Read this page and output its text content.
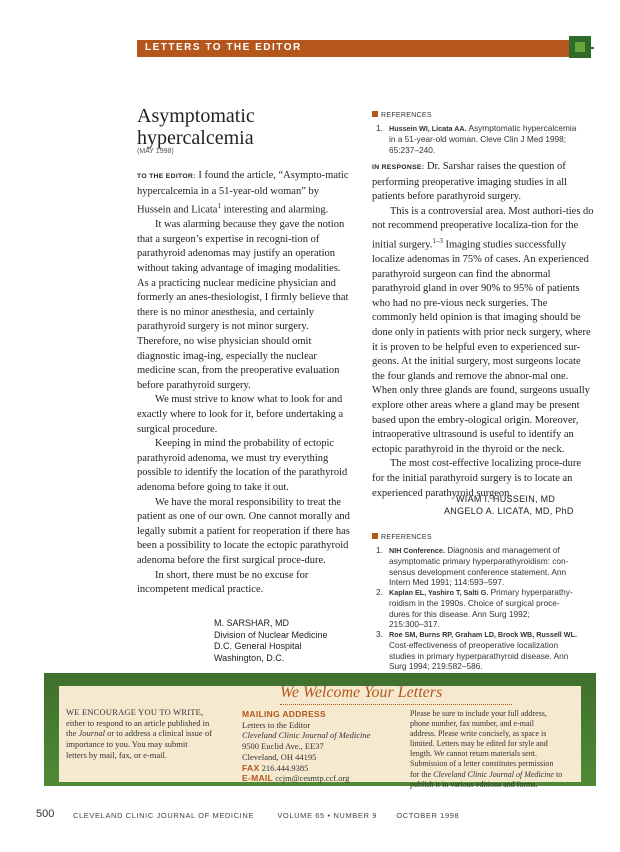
LETTERS TO THE EDITOR
Asymptomatic
hypercalcemia
(MAY 1998)

TO THE EDITOR: I found the article, “Asympto-matic hypercalcemia in a 51-year-old woman” by Hussein and Licata$^1$ interesting and alarming.

It was alarming because they gave the notion that a surgeon’s expertise in recogni-tion of parathyroid adenomas may justify an operation without taking advantage of imaging modalities. As a practicing nuclear medicine physician and formerly an anes-thesiologist, I firmly believe that there is no minor anesthesia, and certainly parathyroid surgery is not minor surgery. Therefore, no wise physician should omit diagnostic imag-ing, especially the nuclear medicine scan, from the preoperative evaluation before parathyroid surgery.

We must strive to know what to look for and exactly where to look for it, before undertaking a surgical procedure.

Keeping in mind the probability of ectopic parathyroid adenoma, we must try everything possible to identify the location of the parathyroid adenoma before going to take it out.

We have the moral responsibility to treat the patient as one of our own. One cannot morally and legally submit a patient for reoperation if there has been a possibility to locate the ectopic parathyroid adenoma before the first surgical proce-dure.

In short, there must be no excuse for incompetent medical practice.

M. SARSHAR, MD
Division of Nuclear Medicine
D.C. General Hospital
Washington, D.C.
REFERENCES
1. Hussein WI, Licata AA. Asymptomatic hypercalcemia
in a 51-year-old woman. Cleve Clin J Med 1998;
65:237–240.

IN RESPONSE: Dr. Sarshar raises the question of performing preoperative imaging studies in all patients before parathyroid surgery.

This is a controversial area. Most authori-ties do not recommend preoperative localiza-tion for the initial surgery.$^{1-3}$ Imaging studies successfully localize adenomas in 75% of cases. An experienced parathyroid surgeon can find the abnormal parathyroid gland in over 90% to 95% of patients who had no pre-vious neck surgeries. The commonly held opinion is that imaging should be done only in patients with prior neck surgery, where it is proven to be helpful even to experienced sur-geons. At the initial surgery, most surgeons locate the four glands and remove the abnor-mal one. When only three glands are found, surgeons usually explore other areas where a gland may be present based upon the embry-ological origin. Moreover, intraoperative ultrasound is useful to identify an ectopic parathyroid in the thyroid or the neck.

The most cost-effective localizing proce-dure for the initial parathyroid surgery is to locate an experienced parathyroid surgeon.

WIAM I. HUSSEIN, MD
ANGELO A. LICATA, MD, PhD
REFERENCES
1. NIH Conference. Diagnosis and management of
asymptomatic primary hyperparathyroidism: con-
sensus development conference statement. Ann
Intern Med 1991; 114:593–597.
2. Kaplan EL, Yashiro T, Salti G. Primary hyperparathy-
roidism in the 1990s. Choice of surgical proce-
dures for this disease. Ann Surg 1992;
215:300–317.
3. Roe SM, Burns RP, Graham LD, Brock WB, Russell WL.
Cost-effectiveness of preoperative localization
studies in primary hyperparathyroid disease. Ann
Surg 1994; 219:582–586.
We Welcome Your Letters
WE ENCOURAGE YOU TO WRITE,
either to respond to an article published in
the Journal or to address a clinical issue of
importance to you. You may submit
letters by mail, fax, or e-mail.
MAILING ADDRESS
Letters to the Editor
Cleveland Clinic Journal of Medicine
9500 Euclid Ave., EE37
Cleveland, OH 44195
FAX 216.444.9385
E-MAIL ccjm@cesmtp.ccf.org
Please be sure to include your full address,
phone number, fax number, and e-mail
address. Please write concisely, as space is
limited. Letters may be edited for style and
length. We cannot return materials sent.
Submission of a letter constitutes permission
for the Cleveland Clinic Journal of Medicine to
publish it in various editions and forms.
500 CLEVELAND CLINIC JOURNAL OF MEDICINE	VOLUME 65 • NUMBER 9	OCTOBER 1998
